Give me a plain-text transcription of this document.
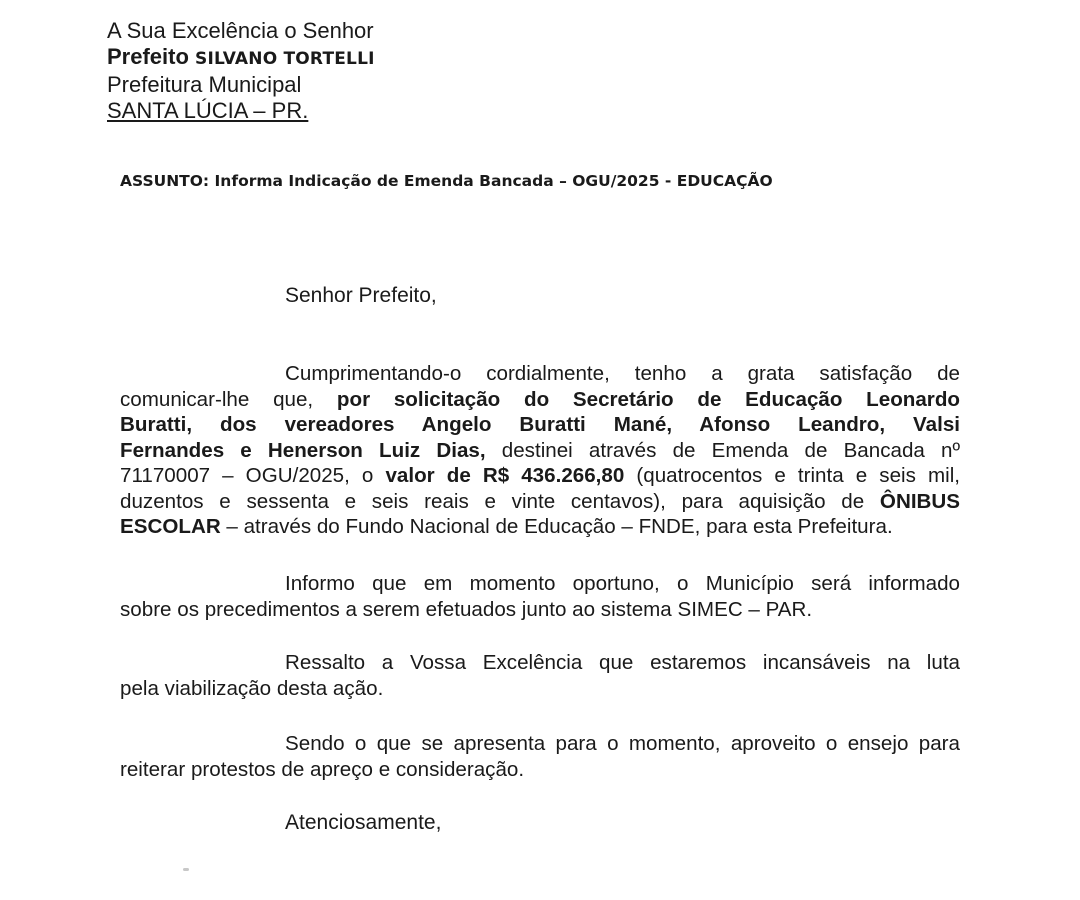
A Sua Excelência o Senhor
Prefeito SILVANO TORTELLI
Prefeitura Municipal
SANTA LÚCIA – PR.
ASSUNTO: Informa Indicação de Emenda Bancada – OGU/2025 - EDUCAÇÃO
Senhor Prefeito,
Cumprimentando-o cordialmente, tenho a grata satisfação de
comunicar-lhe que, por solicitação do Secretário de Educação Leonardo
Buratti, dos vereadores Angelo Buratti Mané, Afonso Leandro, Valsi
Fernandes e Henerson Luiz Dias, destinei através de Emenda de Bancada nº
71170007 – OGU/2025, o valor de R$ 436.266,80 (quatrocentos e trinta e seis mil,
duzentos e sessenta e seis reais e vinte centavos), para aquisição de ÔNIBUS
ESCOLAR – através do Fundo Nacional de Educação – FNDE, para esta Prefeitura.
Informo que em momento oportuno, o Município será informado
sobre os precedimentos a serem efetuados junto ao sistema SIMEC – PAR.
Ressalto a Vossa Excelência que estaremos incansáveis na luta
pela viabilização desta ação.
Sendo o que se apresenta para o momento, aproveito o ensejo para
reiterar protestos de apreço e consideração.
Atenciosamente,
